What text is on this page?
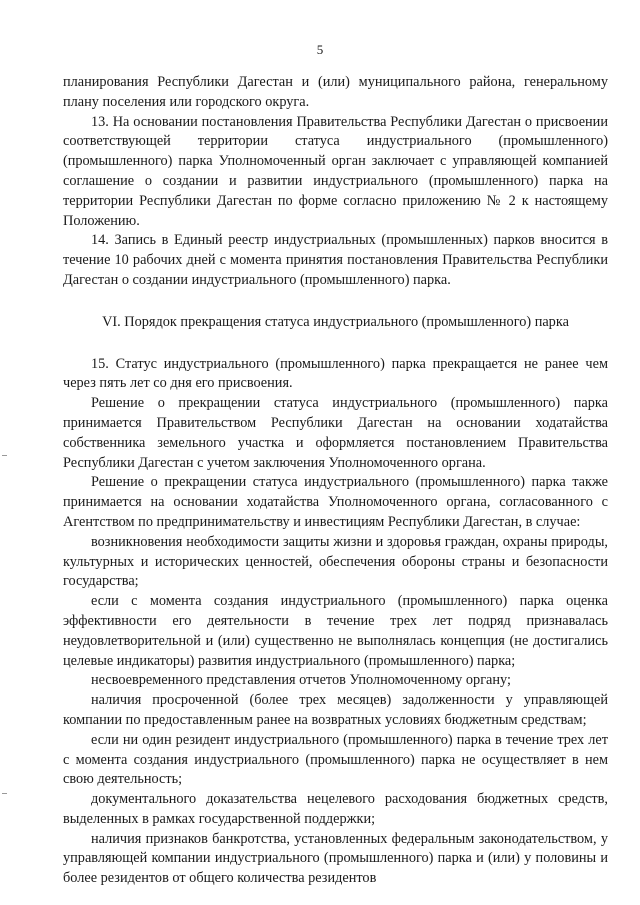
5

планирования Республики Дагестан и (или) муниципального района, генеральному плану поселения или городского округа.

13. На основании постановления Правительства Республики Дагестан о присвоении соответствующей территории статуса индустриального (промышленного) (промышленного) парка Уполномоченный орган заключает с управляющей компанией соглашение о создании и развитии индустриального (промышленного) парка на территории Республики Дагестан по форме согласно приложению № 2 к настоящему Положению.

14. Запись в Единый реестр индустриальных (промышленных) парков вносится в течение 10 рабочих дней с момента принятия постановления Правительства Республики Дагестан о создании индустриального (промышленного) парка.

VI. Порядок прекращения статуса индустриального (промышленного) парка

15. Статус индустриального (промышленного) парка прекращается не ранее чем через пять лет со дня его присвоения.

Решение о прекращении статуса индустриального (промышленного) парка принимается Правительством Республики Дагестан на основании ходатайства собственника земельного участка и оформляется постановлением Правительства Республики Дагестан с учетом заключения Уполномоченного органа.

Решение о прекращении статуса индустриального (промышленного) парка также принимается на основании ходатайства Уполномоченного органа, согласованного с Агентством по предпринимательству и инвестициям Республики Дагестан, в случае:

возникновения необходимости защиты жизни и здоровья граждан, охраны природы, культурных и исторических ценностей, обеспечения обороны страны и безопасности государства;

если с момента создания индустриального (промышленного) парка оценка эффективности его деятельности в течение трех лет подряд признавалась неудовлетворительной и (или) существенно не выполнялась концепция (не достигались целевые индикаторы) развития индустриального (промышленного) парка;

несвоевременного представления отчетов Уполномоченному органу;

наличия просроченной (более трех месяцев) задолженности у управляющей компании по предоставленным ранее на возвратных условиях бюджетным средствам;

если ни один резидент индустриального (промышленного) парка в течение трех лет с момента создания индустриального (промышленного) парка не осуществляет в нем свою деятельность;

документального доказательства нецелевого расходования бюджетных средств, выделенных в рамках государственной поддержки;

наличия признаков банкротства, установленных федеральным законодательством, у управляющей компании индустриального (промышленного) парка и (или) у половины и более резидентов от общего количества резидентов
